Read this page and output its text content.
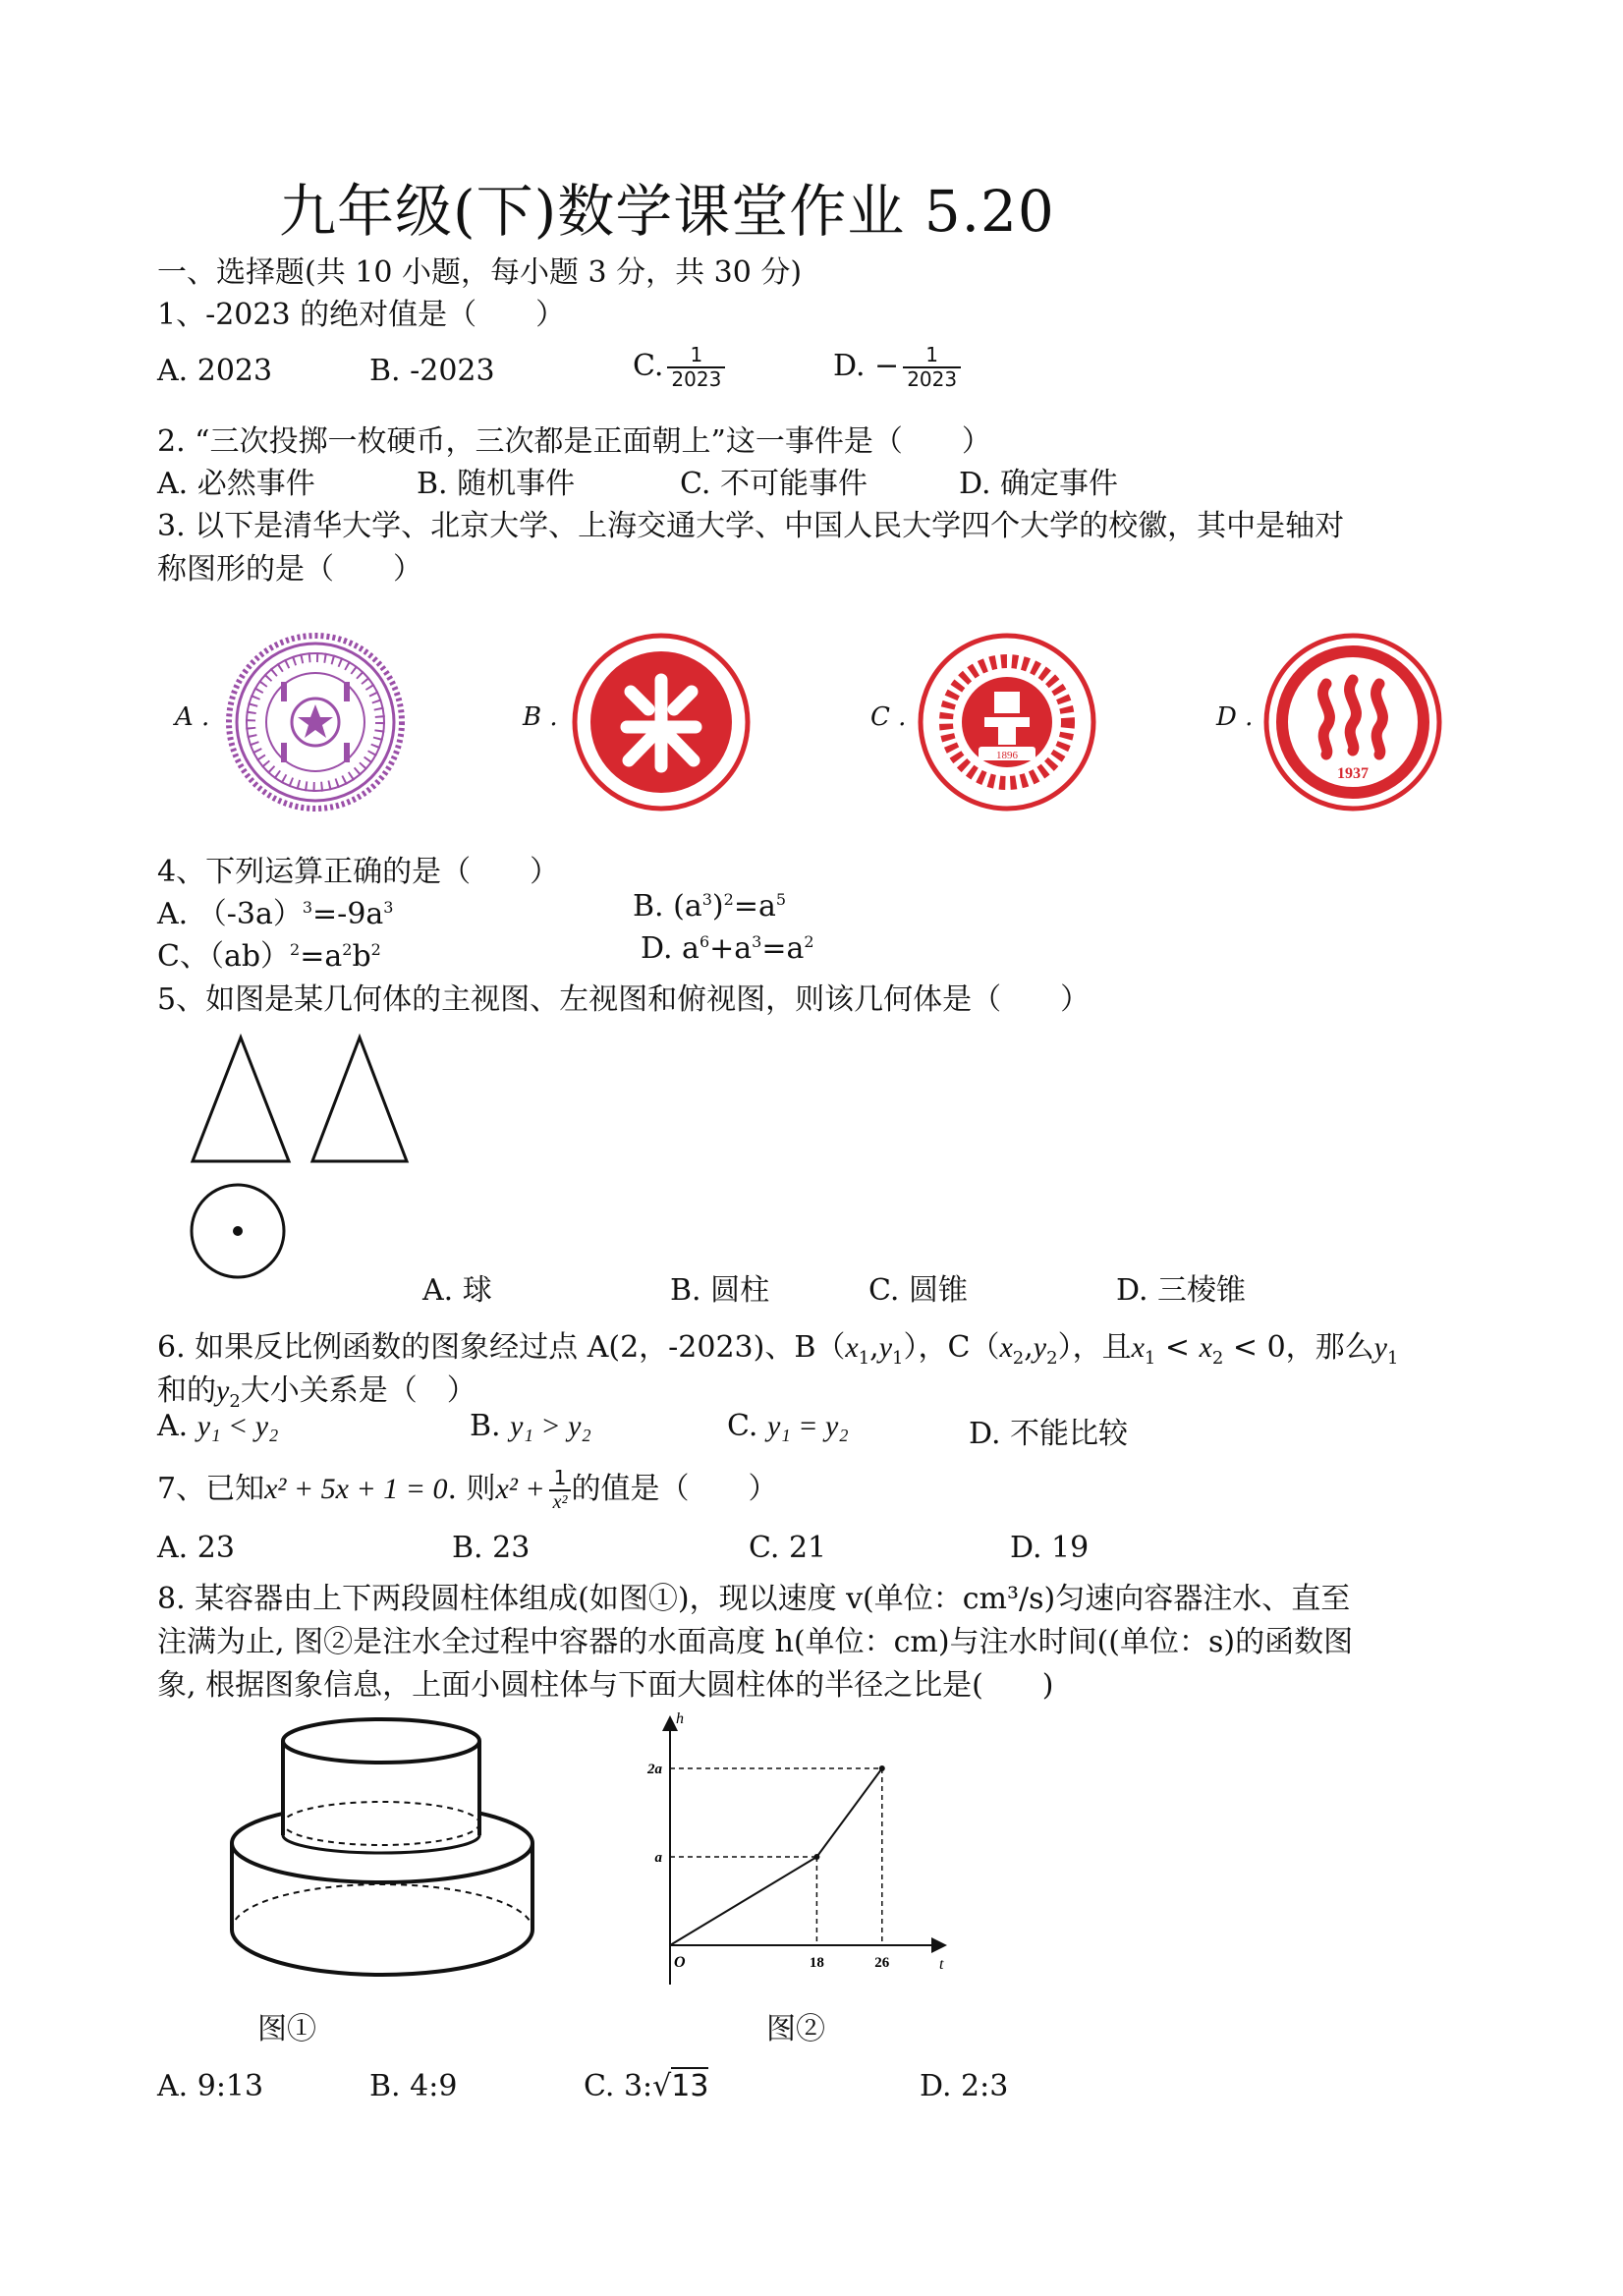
九年级(下)数学课堂作业 5.20
一、选择题(共 10 小题，每小题 3 分，共 30 分)
1、-2023 的绝对值是（　　）
A. 2023	B. -2023	C. $\frac{1}{2023}$	D. − $\frac{1}{2023}$
2. “三次投掷一枚硬币，三次都是正面朝上”这一事件是（　　）
A. 必然事件	B. 随机事件	C. 不可能事件	D. 确定事件
3. 以下是清华大学、北京大学、上海交通大学、中国人民大学四个大学的校徽，其中是轴对
称图形的是（　　）
A .	B .	C .	D .
1896
1937
4、下列运算正确的是（　　）
A. $(-3a)^3=-9a^3$	B. $(a^3)^2=a^5$
C、$(ab)^2=a^2b^2$	D. $a^6+a^3=a^2$
5、如图是某几何体的主视图、左视图和俯视图，则该几何体是（　　）
A. 球	B. 圆柱	C. 圆锥	D. 三棱锥
6. 如果反比例函数的图象经过点 A(2，-2023)、$B(x_1,y_1)$，$C(x_2,y_2)$，且$x_1 < x_2 < 0$，那么$y_1$
和的$y_2$大小关系是（　）
A. y₁ < y₂	B. y₁ > y₂	C. y₁ = y₂	D. 不能比较
7、已知x² + 5x + 1 = 0. 则$x^2 + \frac{1}{\text{x²}}$ 的值是（　　）
A. 23	B. 23	C. 21	D. 19
8. 某容器由上下两段圆柱体组成(如图①)，现以速度 v(单位：cm³/s)匀速向容器注水、直至
注满为止, 图②是注水全过程中容器的水面高度 h(单位：cm)与注水时间((单位：s)的函数图
象, 根据图象信息，上面小圆柱体与下面大圆柱体的半径之比是(　　)
图①
18	26
a
2a
h
t
O
图②
A. 9:13	B. 4:9	C. 3:√13	D. 2:3
